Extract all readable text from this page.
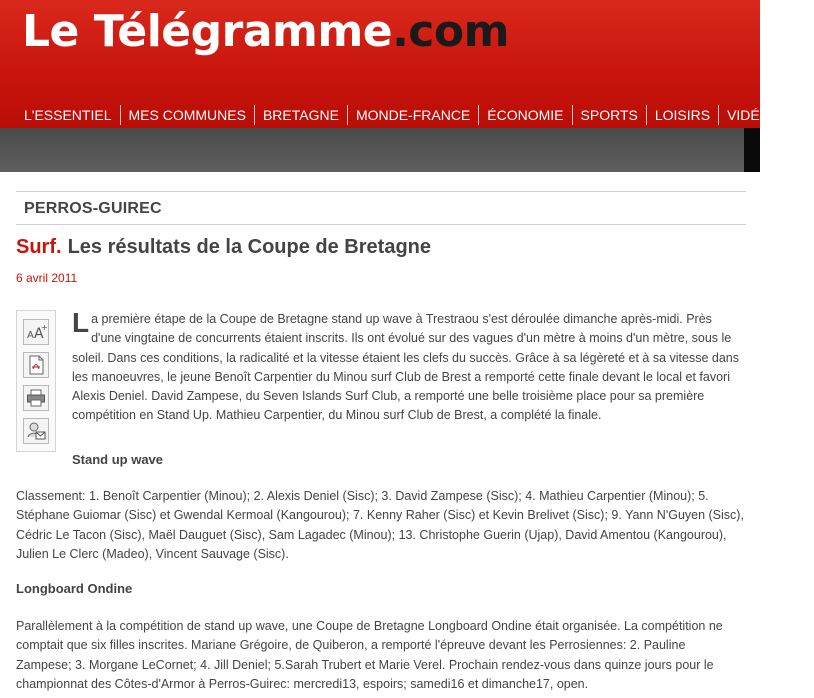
Le Télégramme.com
L'ESSENTIEL	MES COMMUNES	BRETAGNE	MONDE-FRANCE	ÉCONOMIE	SPORTS	LOISIRS	VIDÉOS	A
PERROS-GUIREC
Surf. Les résultats de la Coupe de Bretagne
6 avril 2011
A A
+ La première étape de la Coupe de Bretagne stand up wave à Trestraou s'est déroulée dimanche après-midi. Près d'une vingtaine de concurrents étaient inscrits. Ils ont évolué sur des vagues d'un mètre à moins d'un mètre, sous le soleil. Dans ces conditions, la radicalité et la vitesse étaient les clefs du succès. Grâce à sa légèreté et à sa vitesse dans les manoeuvres, le jeune Benoît Carpentier du Minou surf Club de Brest a remporté cette finale devant le local et favori Alexis Deniel. David Zampese, du Seven Islands Surf Club, a remporté une belle troisième place pour sa première compétition en Stand Up. Mathieu Carpentier, du Minou surf Club de Brest, a complété la finale.
Stand up wave
Classement: 1. Benoît Carpentier (Minou); 2. Alexis Deniel (Sisc); 3. David Zampese (Sisc); 4. Mathieu Carpentier (Minou); 5. Stéphane Guiomar (Sisc) et Gwendal Kermoal (Kangourou); 7. Kenny Raher (Sisc) et Kevin Brelivet (Sisc); 9. Yann N'Guyen (Sisc), Cédric Le Tacon (Sisc), Maël Dauguet (Sisc), Sam Lagadec (Minou); 13. Christophe Guerin (Ujap), David Amentou (Kangourou), Julien Le Clerc (Madeo), Vincent Sauvage (Sisc).
Longboard Ondine
Parallèlement à la compétition de stand up wave, une Coupe de Bretagne Longboard Ondine était organisée. La compétition ne comptait que six filles inscrites. Mariane Grégoire, de Quiberon, a remporté l'épreuve devant les Perrosiennes: 2. Pauline Zampese; 3. Morgane LeCornet; 4. Jill Deniel; 5.Sarah Trubert et Marie Verel. Prochain rendez-vous dans quinze jours pour le championnat des Côtes-d'Armor à Perros-Guirec: mercredi13, espoirs; samedi16 et dimanche17, open.
